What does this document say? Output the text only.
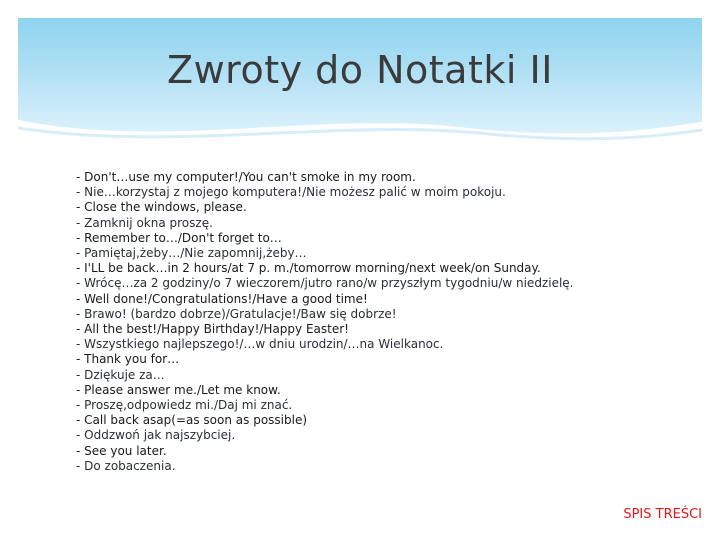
Zwroty do Notatki II
- Don't…use my computer!/You can't smoke in my room.
- Nie…korzystaj z mojego komputera!/Nie możesz palić w moim pokoju.
- Close the windows, please.
- Zamknij okna proszę.
- Remember to…/Don't forget to…
- Pamiętaj,żeby…/Nie zapomnij,żeby…
- I'LL be back…in 2 hours/at 7 p. m./tomorrow morning/next week/on Sunday.
- Wrócę…za 2 godziny/o 7 wieczorem/jutro rano/w przyszłym tygodniu/w niedzielę.
- Well done!/Congratulations!/Have a good time!
- Brawo! (bardzo dobrze)/Gratulacje!/Baw się dobrze!
- All the best!/Happy Birthday!/Happy Easter!
- Wszystkiego najlepszego!/…w dniu urodzin/…na Wielkanoc.
- Thank you for…
- Dziękuje za…
- Please answer me./Let me know.
- Proszę,odpowiedz mi./Daj mi znać.
- Call back asap(=as soon as possible)
- Oddzwoń jak najszybciej.
- See you later.
- Do zobaczenia.
SPIS TREŚCI
